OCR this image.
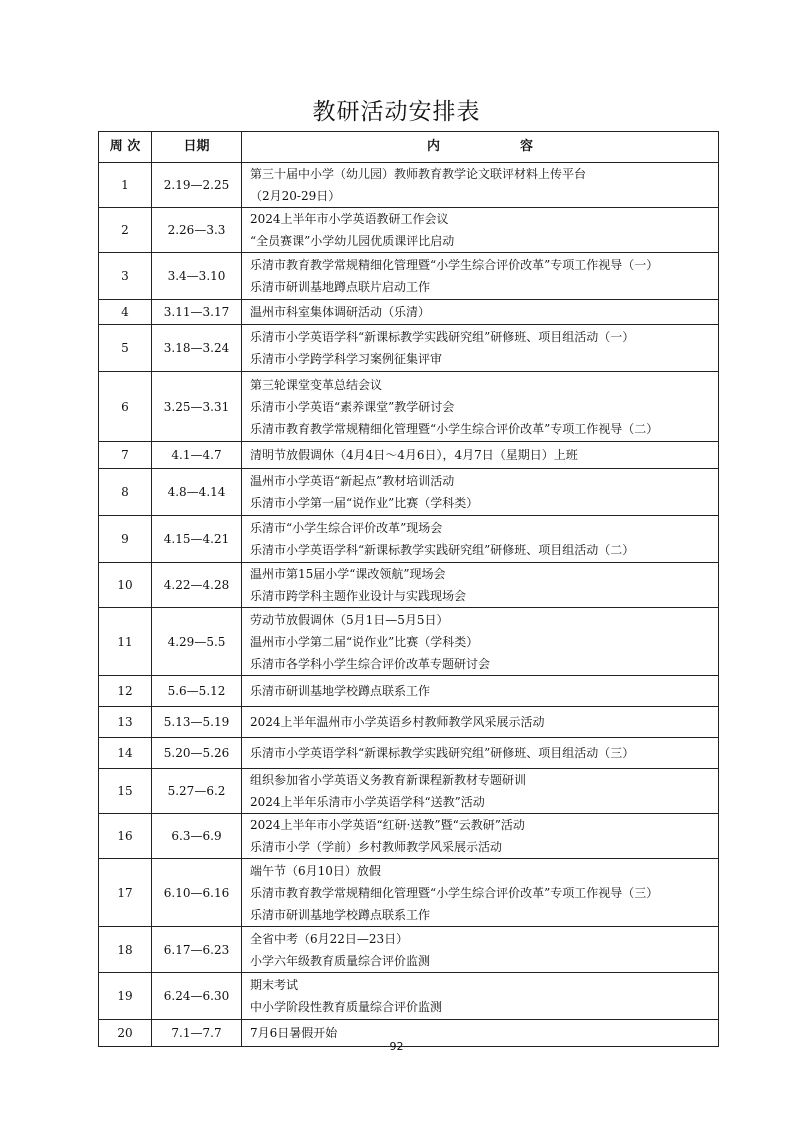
教研活动安排表
周 次	日期	内 容
1	2.19—2.25	第三十届中小学（幼儿园）教师教育教学论文联评材料上传平台
（2月20-29日）

2	2.26—3.3	2024上半年市小学英语教研工作会议
“全员赛课”小学幼儿园优质课评比启动

3	3.4—3.10	乐清市教育教学常规精细化管理暨“小学生综合评价改革”专项工作视导（一）
乐清市研训基地蹲点联片启动工作

4	3.11—3.17	温州市科室集体调研活动（乐清）

5	3.18—3.24	乐清市小学英语学科“新课标教学实践研究组”研修班、项目组活动（一）
乐清市小学跨学科学习案例征集评审

6	3.25—3.31	第三轮课堂变革总结会议
乐清市小学英语“素养课堂”教学研讨会
乐清市教育教学常规精细化管理暨“小学生综合评价改革”专项工作视导（二）

7	4.1—4.7	清明节放假调休（4月4日～4月6日），4月7日（星期日）上班

8	4.8—4.14	温州市小学英语“新起点”教材培训活动
乐清市小学第一届“说作业”比赛（学科类）

9	4.15—4.21	乐清市“小学生综合评价改革”现场会
乐清市小学英语学科“新课标教学实践研究组”研修班、项目组活动（二）

10	4.22—4.28	温州市第15届小学“课改领航”现场会
乐清市跨学科主题作业设计与实践现场会

11	4.29—5.5	劳动节放假调休（5月1日—5月5日）
温州市小学第二届“说作业”比赛（学科类）
乐清市各学科小学生综合评价改革专题研讨会

12	5.6—5.12	乐清市研训基地学校蹲点联系工作

13	5.13—5.19	2024上半年温州市小学英语乡村教师教学风采展示活动

14	5.20—5.26	乐清市小学英语学科“新课标教学实践研究组”研修班、项目组活动（三）

15	5.27—6.2	组织参加省小学英语义务教育新课程新教材专题研训
2024上半年乐清市小学英语学科“送教”活动

16	6.3—6.9	2024上半年市小学英语“红研·送教”暨“云教研”活动
乐清市小学（学前）乡村教师教学风采展示活动

17	6.10—6.16	端午节（6月10日）放假
乐清市教育教学常规精细化管理暨“小学生综合评价改革”专项工作视导（三）
乐清市研训基地学校蹲点联系工作

18	6.17—6.23	全省中考（6月22日—23日）
小学六年级教育质量综合评价监测

19	6.24—6.30	期末考试
中小学阶段性教育质量综合评价监测

20	7.1—7.7	7月6日暑假开始
92
